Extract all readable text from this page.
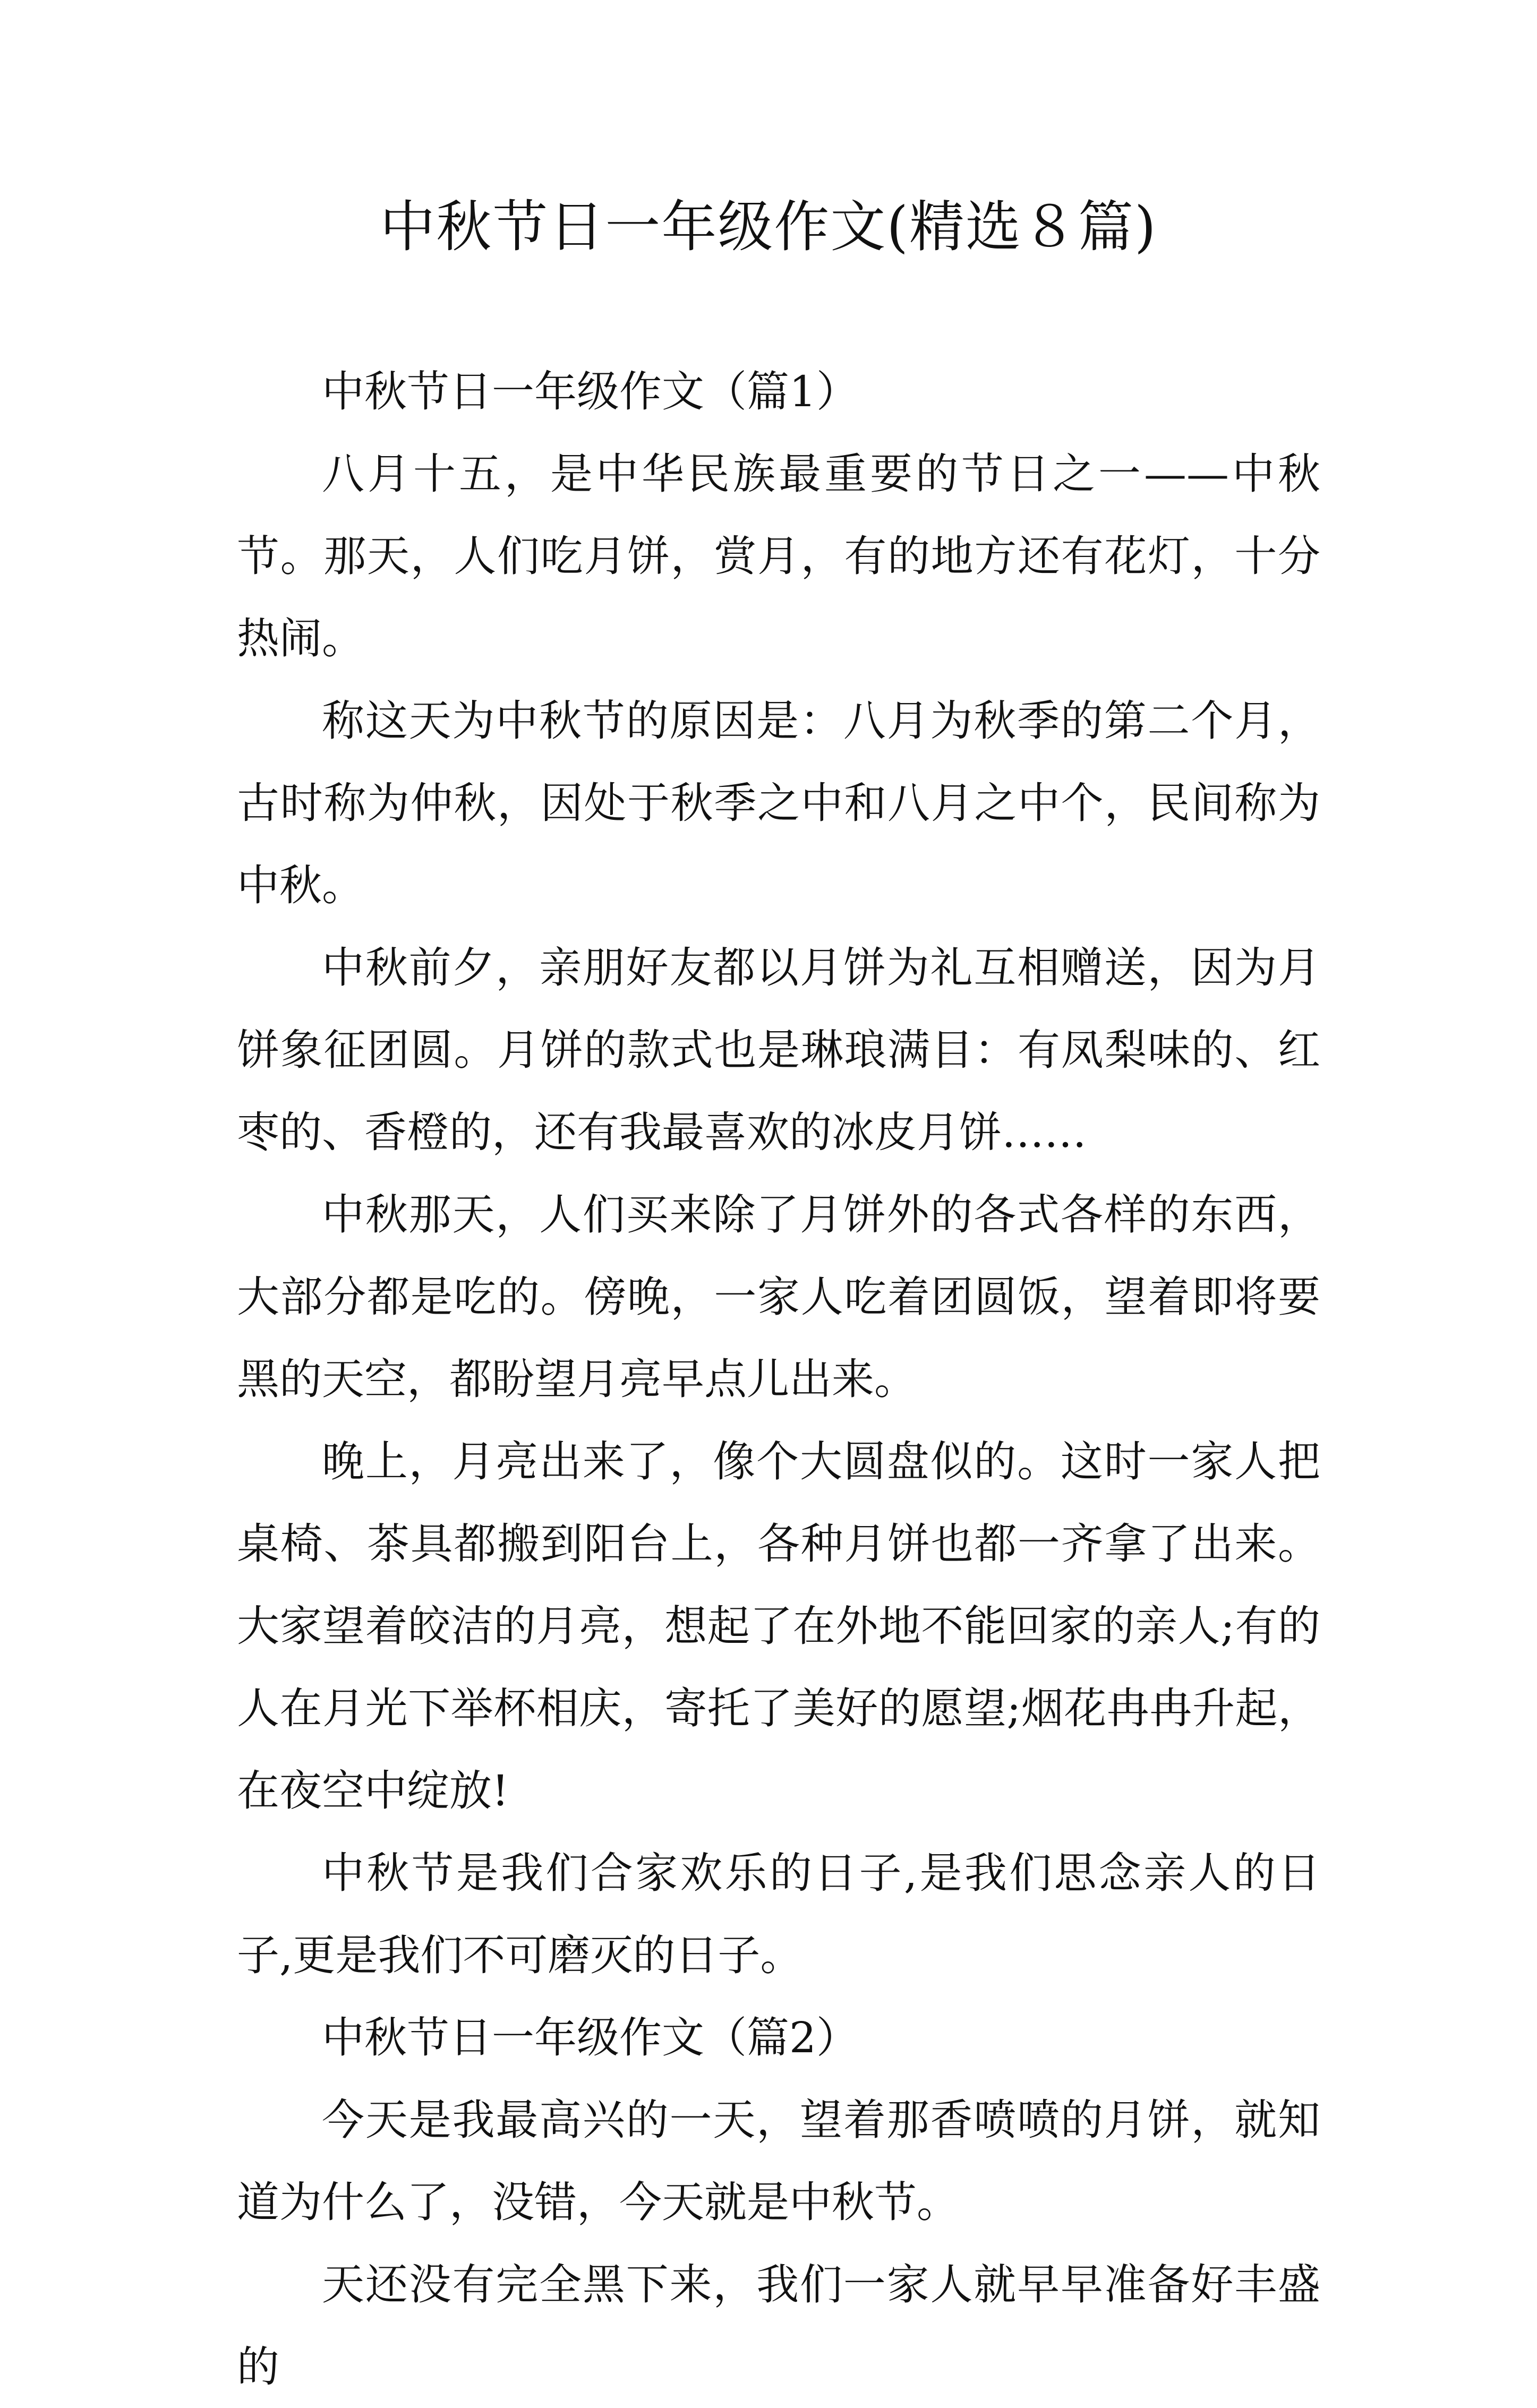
中秋节日一年级作文(精选８篇)

中秋节日一年级作文（篇1）

八月十五，是中华民族最重要的节日之一——中秋节。那天，人们吃月饼，赏月，有的地方还有花灯，十分热闹。

称这天为中秋节的原因是：八月为秋季的第二个月，古时称为仲秋，因处于秋季之中和八月之中个，民间称为中秋。

中秋前夕，亲朋好友都以月饼为礼互相赠送，因为月饼象征团圆。月饼的款式也是琳琅满目：有凤梨味的、红枣的、香橙的，还有我最喜欢的冰皮月饼……

中秋那天，人们买来除了月饼外的各式各样的东西，大部分都是吃的。傍晚，一家人吃着团圆饭，望着即将要黑的天空，都盼望月亮早点儿出来。

晚上，月亮出来了，像个大圆盘似的。这时一家人把桌椅、茶具都搬到阳台上，各种月饼也都一齐拿了出来。大家望着皎洁的月亮，想起了在外地不能回家的亲人;有的人在月光下举杯相庆，寄托了美好的愿望;烟花冉冉升起，在夜空中绽放!

中秋节是我们合家欢乐的日子,是我们思念亲人的日子,更是我们不可磨灭的日子。

中秋节日一年级作文（篇2）

今天是我最高兴的一天，望着那香喷喷的月饼，就知道为什么了，没错，今天就是中秋节。

天还没有完全黑下来，我们一家人就早早准备好丰盛的
